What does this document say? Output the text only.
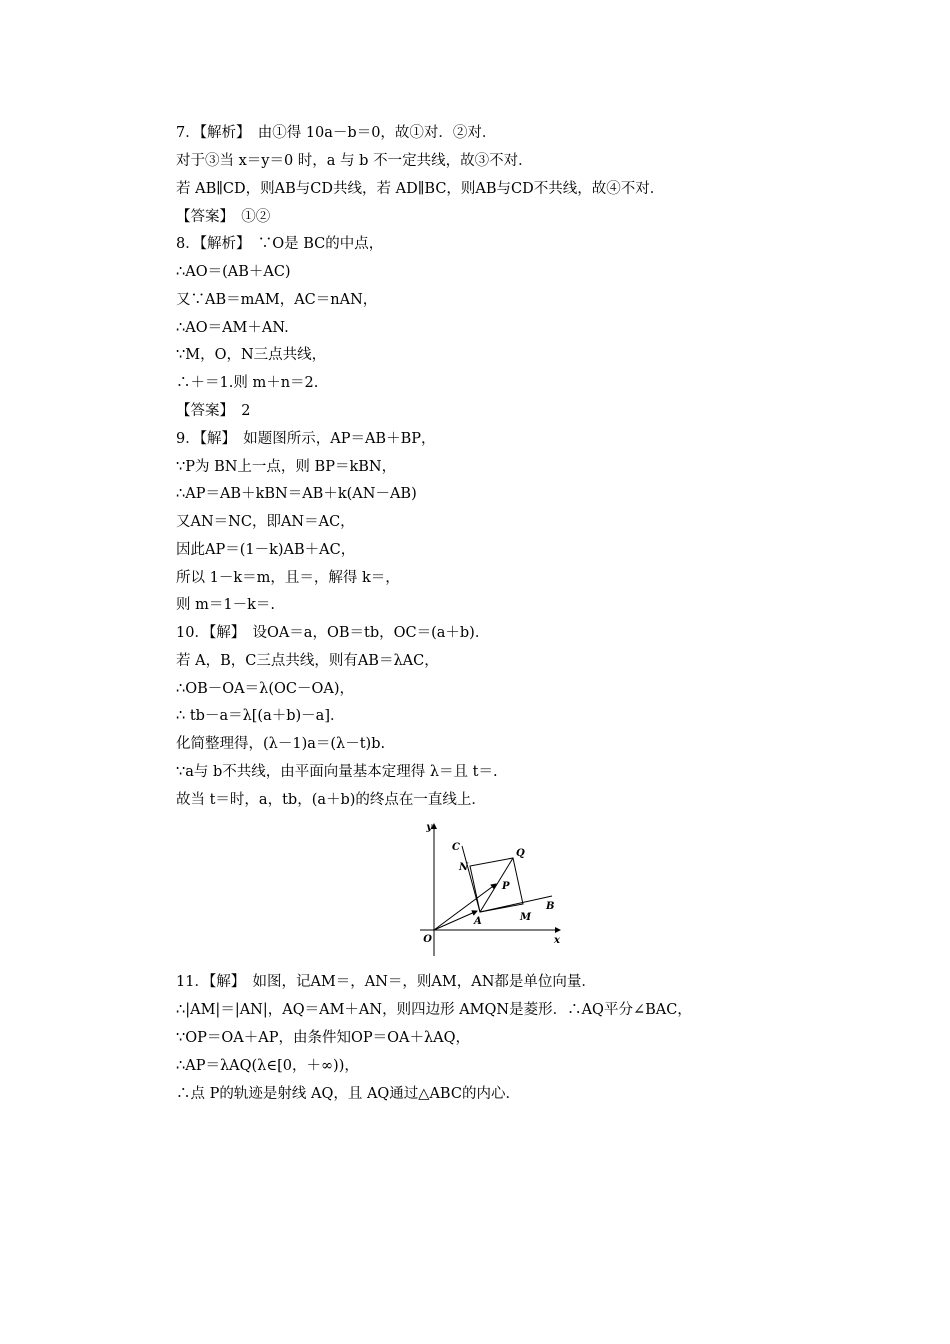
7．【解析】　由①得 10a－b＝0，故①对．②对．
对于③当 x＝y＝0 时，a 与 b 不一定共线，故③不对．
若 AB∥CD，则AB与CD共线，若 AD∥BC，则AB与CD不共线，故④不对．
【答案】　①②
8．【解析】　∵O是 BC的中点，
∴AO＝(AB＋AC)
又∵AB＝mAM，AC＝nAN，
∴AO＝AM＋AN.
∵M，O，N三点共线，
∴＋＝1.则 m＋n＝2.
【答案】　2
9．【解】　如题图所示，AP＝AB＋BP，
∵P为 BN上一点，则 BP＝kBN，
∴AP＝AB＋kBN＝AB＋k(AN－AB)
又AN＝NC，即AN＝AC，
因此AP＝(1－k)AB＋AC，
所以 1－k＝m，且＝，解得 k＝，
则 m＝1－k＝.
10．【解】　设OA＝a，OB＝tb，OC＝(a＋b)．
若 A，B，C三点共线，则有AB＝λAC，
∴OB－OA＝λ(OC－OA)，
∴ tb－a＝λ[(a＋b)－a]．
化简整理得，(λ－1)a＝(λ－t)b.
∵a与 b不共线，由平面向量基本定理得 λ＝且 t＝.
故当 t＝时，a，tb，(a＋b)的终点在一直线上．
y
x
O
C
N
Q
P
A	M
B
11．【解】　如图，记AM＝，AN＝，则AM，AN都是单位向量．
∴|AM|＝|AN|，AQ＝AM＋AN，则四边形 AMQN是菱形．∴AQ平分∠BAC，
∵OP＝OA＋AP，由条件知OP＝OA＋λAQ，
∴AP＝λAQ(λ∈[0，＋∞))，
∴点 P的轨迹是射线 AQ，且 AQ通过△ABC的内心．
